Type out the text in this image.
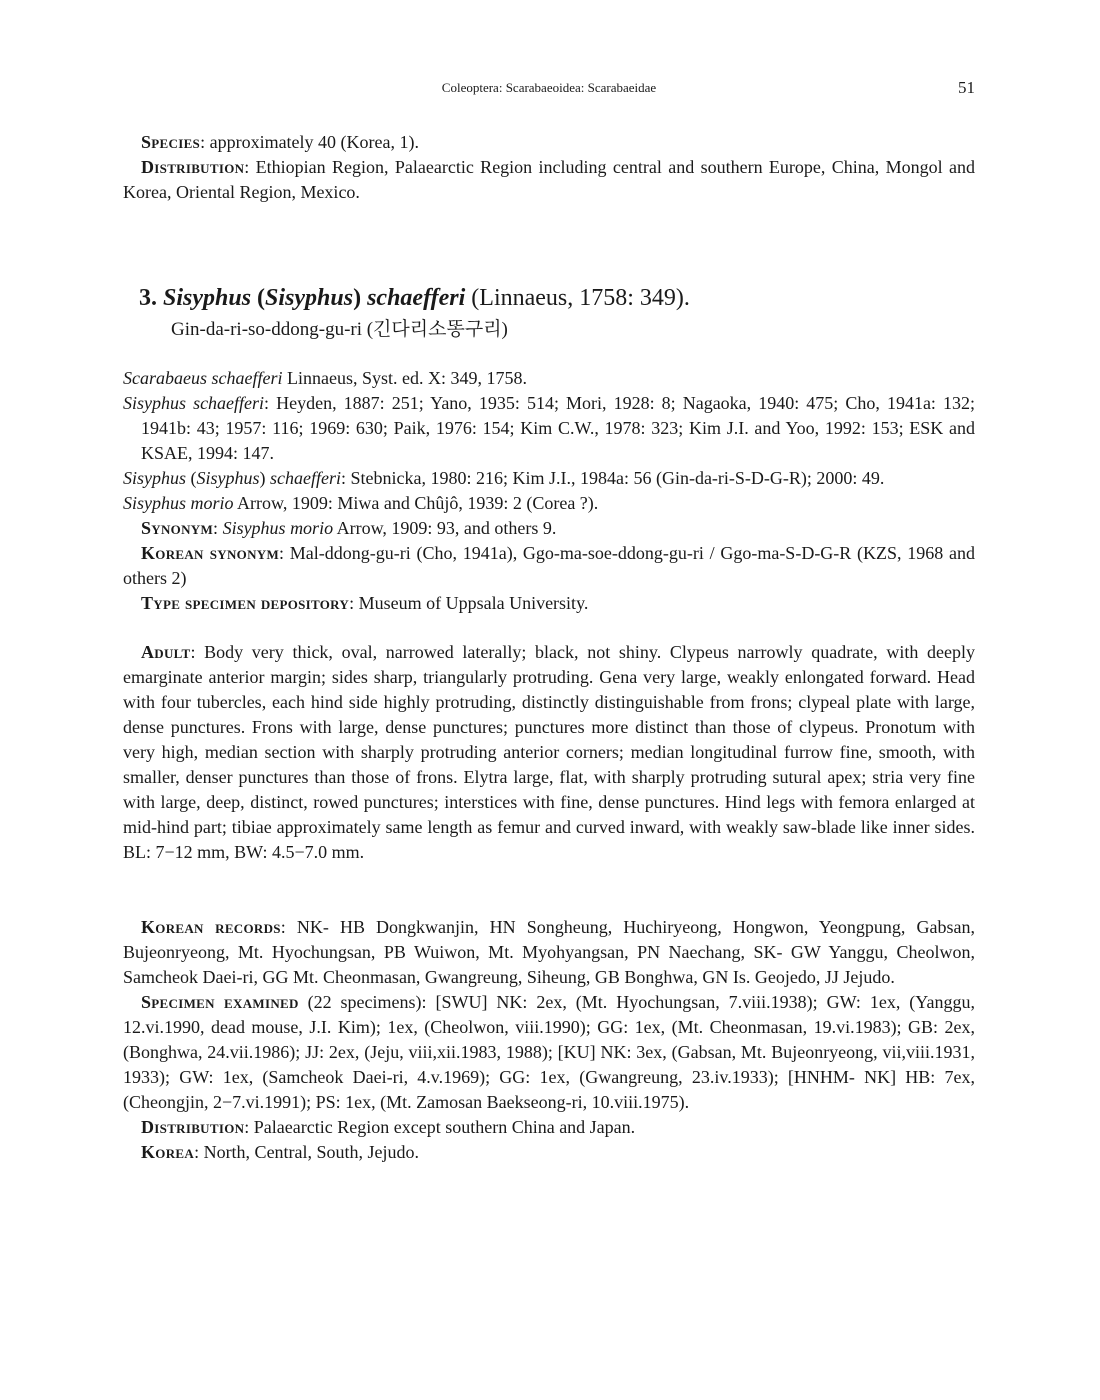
Coleoptera: Scarabaeoidea: Scarabaeidae	51

Species: approximately 40 (Korea, 1).

Distribution: Ethiopian Region, Palaearctic Region including central and southern Europe, China, Mongol and Korea, Oriental Region, Mexico.

3. Sisyphus (Sisyphus) schaefferi (Linnaeus, 1758: 349).
Gin-da-ri-so-ddong-gu-ri (긴다리소똥구리)

Scarabaeus schaefferi Linnaeus, Syst. ed. X: 349, 1758.

Sisyphus schaefferi: Heyden, 1887: 251; Yano, 1935: 514; Mori, 1928: 8; Nagaoka, 1940: 475; Cho, 1941a: 132; 1941b: 43; 1957: 116; 1969: 630; Paik, 1976: 154; Kim C.W., 1978: 323; Kim J.I. and Yoo, 1992: 153; ESK and KSAE, 1994: 147.

Sisyphus (Sisyphus) schaefferi: Stebnicka, 1980: 216; Kim J.I., 1984a: 56 (Gin-da-ri-S-D-G-R); 2000: 49.

Sisyphus morio Arrow, 1909: Miwa and Chûjô, 1939: 2 (Corea ?).

Synonym: Sisyphus morio Arrow, 1909: 93, and others 9.

Korean synonym: Mal-ddong-gu-ri (Cho, 1941a), Ggo-ma-soe-ddong-gu-ri / Ggo-ma-S-D-G-R (KZS, 1968 and others 2)

Type specimen depository: Museum of Uppsala University.

Adult: Body very thick, oval, narrowed laterally; black, not shiny. Clypeus narrowly quadrate, with deeply emarginate anterior margin; sides sharp, triangularly protruding. Gena very large, weakly enlongated forward. Head with four tubercles, each hind side highly protruding, distinctly distinguishable from frons; clypeal plate with large, dense punctures. Frons with large, dense punctures; punctures more distinct than those of clypeus. Pronotum with very high, median section with sharply protruding anterior corners; median longitudinal furrow fine, smooth, with smaller, denser punctures than those of frons. Elytra large, flat, with sharply protruding sutural apex; stria very fine with large, deep, distinct, rowed punctures; interstices with fine, dense punctures. Hind legs with femora enlarged at mid-hind part; tibiae approximately same length as femur and curved inward, with weakly saw-blade like inner sides. BL: 7−12 mm, BW: 4.5−7.0 mm.

Korean records: NK- HB Dongkwanjin, HN Songheung, Huchiryeong, Hongwon, Yeongpung, Gabsan, Bujeonryeong, Mt. Hyochungsan, PB Wuiwon, Mt. Myohyangsan, PN Naechang, SK- GW Yanggu, Cheolwon, Samcheok Daei-ri, GG Mt. Cheonmasan, Gwangreung, Siheung, GB Bonghwa, GN Is. Geojedo, JJ Jejudo.

Specimen examined (22 specimens): [SWU] NK: 2ex, (Mt. Hyochungsan, 7.viii.1938); GW: 1ex, (Yanggu, 12.vi.1990, dead mouse, J.I. Kim); 1ex, (Cheolwon, viii.1990); GG: 1ex, (Mt. Cheonmasan, 19.vi.1983); GB: 2ex, (Bonghwa, 24.vii.1986); JJ: 2ex, (Jeju, viii,xii.1983, 1988); [KU] NK: 3ex, (Gabsan, Mt. Bujeonryeong, vii,viii.1931, 1933); GW: 1ex, (Samcheok Daei-ri, 4.v.1969); GG: 1ex, (Gwangreung, 23.iv.1933); [HNHM- NK] HB: 7ex, (Cheongjin, 2−7.vi.1991); PS: 1ex, (Mt. Zamosan Baekseong-ri, 10.viii.1975).

Distribution: Palaearctic Region except southern China and Japan.

Korea: North, Central, South, Jejudo.
